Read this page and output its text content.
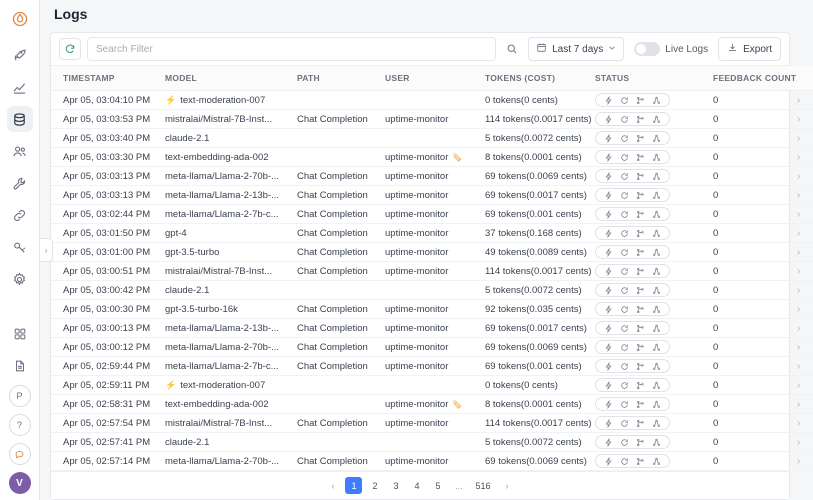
P
?
V
›
Logs
Search Filter
Last 7 days	Live Logs	Export
TIMESTAMP	MODEL	PATH	USER	TOKENS (COST)	STATUS	FEEDBACK COUNT	
Apr 05, 03:04:10 PM	⚡ text-moderation-007			0 tokens(0 cents)		0	›
Apr 05, 03:03:53 PM	mistralai/Mistral-7B-Inst...	Chat Completion	uptime-monitor	114 tokens(0.0017 cents)		0	›
Apr 05, 03:03:40 PM	claude-2.1			5 tokens(0.0072 cents)		0	›
Apr 05, 03:03:30 PM	text-embedding-ada-002		uptime-monitor 🏷️	8 tokens(0.0001 cents)		0	›
Apr 05, 03:03:13 PM	meta-llama/Llama-2-70b-...	Chat Completion	uptime-monitor	69 tokens(0.0069 cents)		0	›
Apr 05, 03:03:13 PM	meta-llama/Llama-2-13b-...	Chat Completion	uptime-monitor	69 tokens(0.0017 cents)		0	›
Apr 05, 03:02:44 PM	meta-llama/Llama-2-7b-c...	Chat Completion	uptime-monitor	69 tokens(0.001 cents)		0	›
Apr 05, 03:01:50 PM	gpt-4	Chat Completion	uptime-monitor	37 tokens(0.168 cents)		0	›
Apr 05, 03:01:00 PM	gpt-3.5-turbo	Chat Completion	uptime-monitor	49 tokens(0.0089 cents)		0	›
Apr 05, 03:00:51 PM	mistralai/Mistral-7B-Inst...	Chat Completion	uptime-monitor	114 tokens(0.0017 cents)		0	›
Apr 05, 03:00:42 PM	claude-2.1			5 tokens(0.0072 cents)		0	›
Apr 05, 03:00:30 PM	gpt-3.5-turbo-16k	Chat Completion	uptime-monitor	92 tokens(0.035 cents)		0	›
Apr 05, 03:00:13 PM	meta-llama/Llama-2-13b-...	Chat Completion	uptime-monitor	69 tokens(0.0017 cents)		0	›
Apr 05, 03:00:12 PM	meta-llama/Llama-2-70b-...	Chat Completion	uptime-monitor	69 tokens(0.0069 cents)		0	›
Apr 05, 02:59:44 PM	meta-llama/Llama-2-7b-c...	Chat Completion	uptime-monitor	69 tokens(0.001 cents)		0	›
Apr 05, 02:59:11 PM	⚡ text-moderation-007			0 tokens(0 cents)		0	›
Apr 05, 02:58:31 PM	text-embedding-ada-002		uptime-monitor 🏷️	8 tokens(0.0001 cents)		0	›
Apr 05, 02:57:54 PM	mistralai/Mistral-7B-Inst...	Chat Completion	uptime-monitor	114 tokens(0.0017 cents)		0	›
Apr 05, 02:57:41 PM	claude-2.1			5 tokens(0.0072 cents)		0	›
Apr 05, 02:57:14 PM	meta-llama/Llama-2-70b-...	Chat Completion	uptime-monitor	69 tokens(0.0069 cents)		0	›
‹	1	2	3	4	5	...	516	›
